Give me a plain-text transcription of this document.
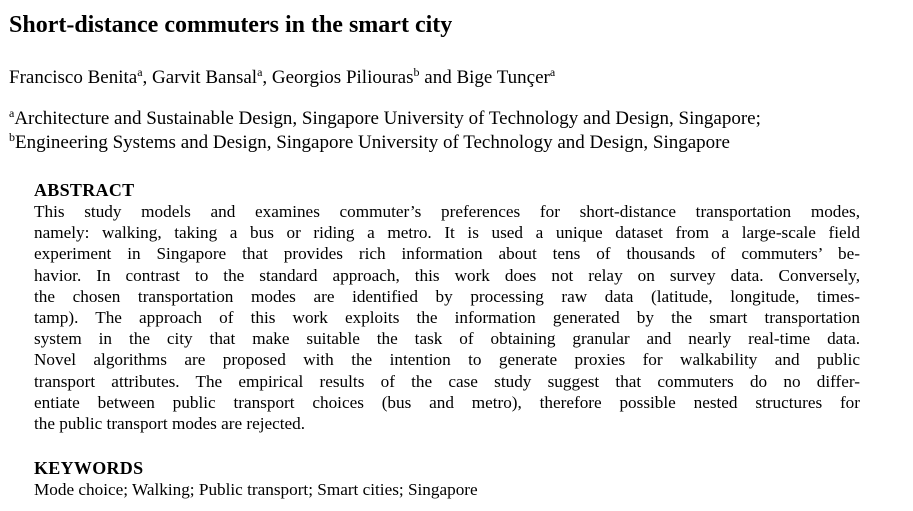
Short-distance commuters in the smart city
Francisco Benita$^a$, Garvit Bansal$^a$, Georgios Piliouras$^b$ and Bige Tunçer$^a$
$^a$Architecture and Sustainable Design, Singapore University of Technology and Design, Singapore;
$^b$Engineering Systems and Design, Singapore University of Technology and Design, Singapore
ABSTRACT

This study models and examines commuter’s preferences for short-distance transportation modes,
namely: walking, taking a bus or riding a metro. It is used a unique dataset from a large-scale field
experiment in Singapore that provides rich information about tens of thousands of commuters’ be-
havior. In contrast to the standard approach, this work does not relay on survey data. Conversely,
the chosen transportation modes are identified by processing raw data (latitude, longitude, times-
tamp). The approach of this work exploits the information generated by the smart transportation
system in the city that make suitable the task of obtaining granular and nearly real-time data.
Novel algorithms are proposed with the intention to generate proxies for walkability and public
transport attributes. The empirical results of the case study suggest that commuters do no differ-
entiate between public transport choices (bus and metro), therefore possible nested structures for
the public transport modes are rejected.

KEYWORDS
Mode choice; Walking; Public transport; Smart cities; Singapore
